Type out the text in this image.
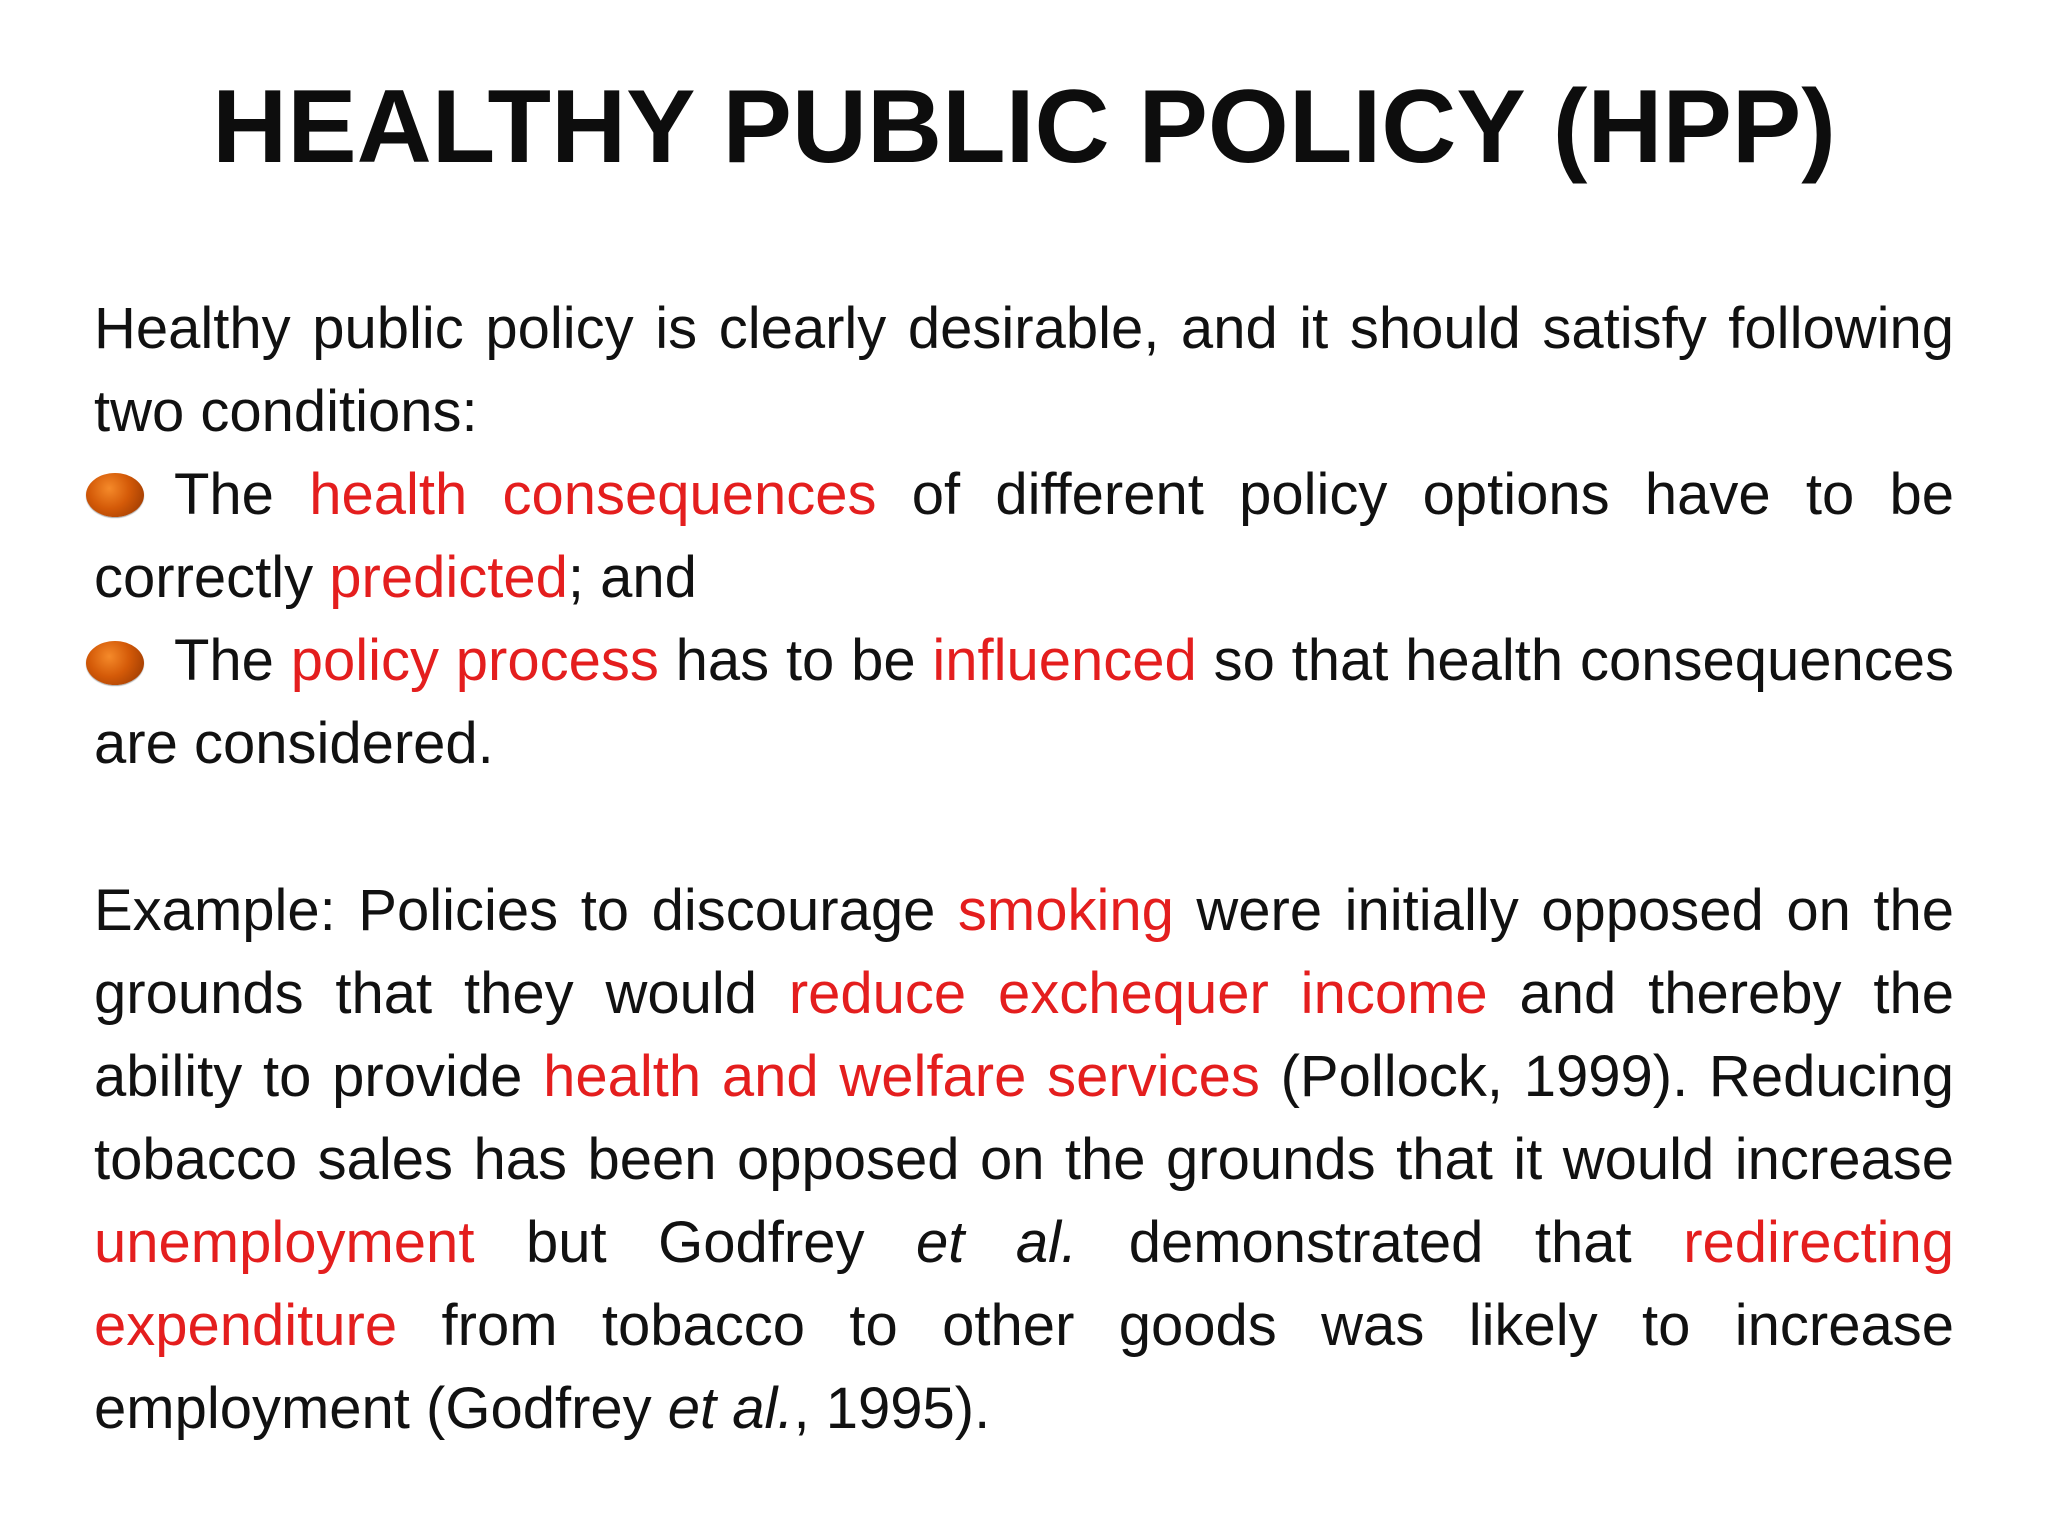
HEALTHY PUBLIC POLICY (HPP)

Healthy public policy is clearly desirable, and it should satisfy following two conditions:

The health consequences of different policy options have to be correctly predicted; and

The policy process has to be influenced so that health consequences are considered.

Example: Policies to discourage smoking were initially opposed on the grounds that they would reduce exchequer income and thereby the ability to provide health and welfare services (Pollock, 1999). Reducing tobacco sales has been opposed on the grounds that it would increase unemployment but Godfrey et al. demonstrated that redirecting expenditure from tobacco to other goods was likely to increase employment (Godfrey et al., 1995).
